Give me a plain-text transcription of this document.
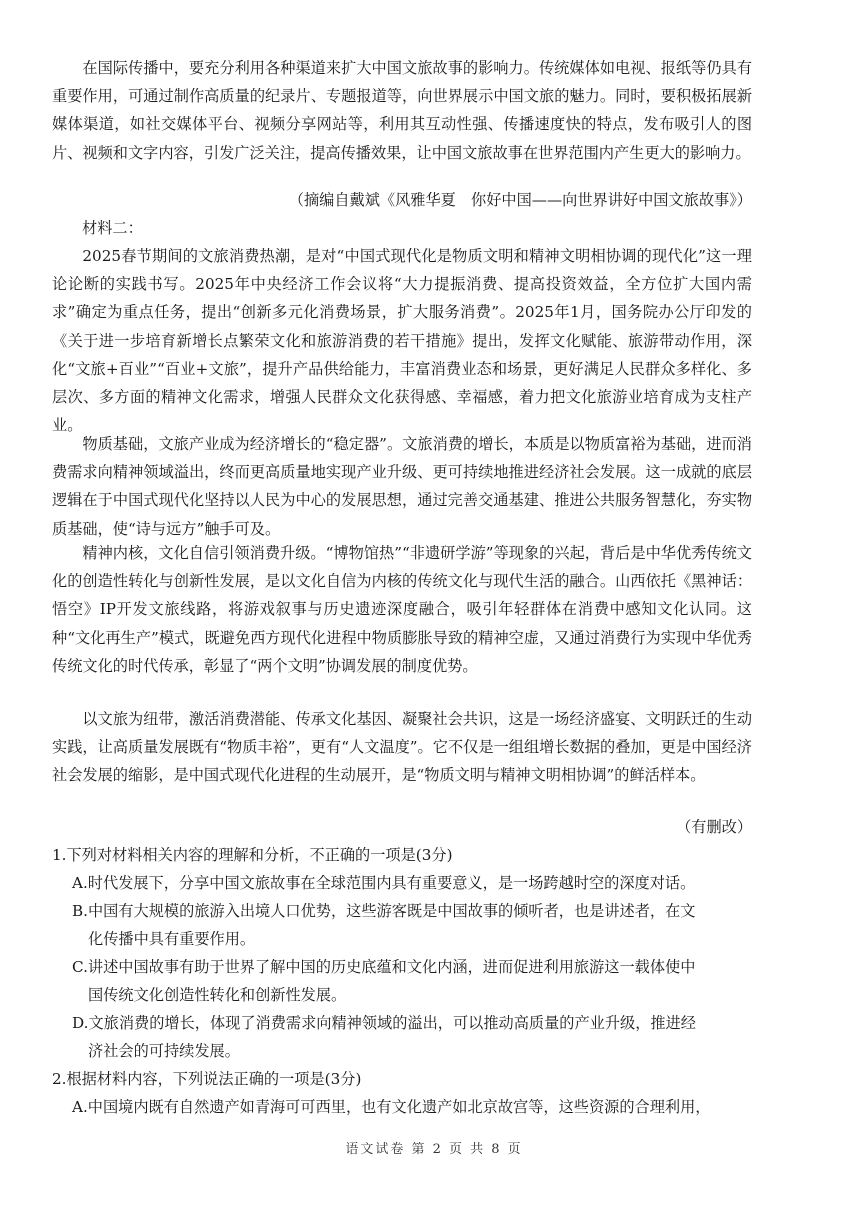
在国际传播中，要充分利用各种渠道来扩大中国文旅故事的影响力。传统媒体如电视、报纸等仍具有重要作用，可通过制作高质量的纪录片、专题报道等，向世界展示中国文旅的魅力。同时，要积极拓展新媒体渠道，如社交媒体平台、视频分享网站等，利用其互动性强、传播速度快的特点，发布吸引人的图片、视频和文字内容，引发广泛关注，提高传播效果，让中国文旅故事在世界范围内产生更大的影响力。

（摘编自戴斌《风雅华夏　你好中国——向世界讲好中国文旅故事》）

材料二：

2025春节期间的文旅消费热潮，是对“中国式现代化是物质文明和精神文明相协调的现代化”这一理论论断的实践书写。2025年中央经济工作会议将“大力提振消费、提高投资效益，全方位扩大国内需求”确定为重点任务，提出“创新多元化消费场景，扩大服务消费”。2025年1月，国务院办公厅印发的《关于进一步培育新增长点繁荣文化和旅游消费的若干措施》提出，发挥文化赋能、旅游带动作用，深化“文旅+百业”“百业+文旅”，提升产品供给能力，丰富消费业态和场景，更好满足人民群众多样化、多层次、多方面的精神文化需求，增强人民群众文化获得感、幸福感，着力把文化旅游业培育成为支柱产业。

物质基础，文旅产业成为经济增长的“稳定器”。文旅消费的增长，本质是以物质富裕为基础，进而消费需求向精神领域溢出，终而更高质量地实现产业升级、更可持续地推进经济社会发展。这一成就的底层逻辑在于中国式现代化坚持以人民为中心的发展思想，通过完善交通基建、推进公共服务智慧化，夯实物质基础，使“诗与远方”触手可及。

精神内核，文化自信引领消费升级。“博物馆热”“非遗研学游”等现象的兴起，背后是中华优秀传统文化的创造性转化与创新性发展，是以文化自信为内核的传统文化与现代生活的融合。山西依托《黑神话：悟空》IP开发文旅线路，将游戏叙事与历史遗迹深度融合，吸引年轻群体在消费中感知文化认同。这种“文化再生产”模式，既避免西方现代化进程中物质膨胀导致的精神空虚，又通过消费行为实现中华优秀传统文化的时代传承，彰显了“两个文明”协调发展的制度优势。

以文旅为纽带，激活消费潜能、传承文化基因、凝聚社会共识，这是一场经济盛宴、文明跃迁的生动实践，让高质量发展既有“物质丰裕”，更有“人文温度”。它不仅是一组组增长数据的叠加，更是中国经济社会发展的缩影，是中国式现代化进程的生动展开，是“物质文明与精神文明相协调”的鲜活样本。

（有删改）

1.下列对材料相关内容的理解和分析，不正确的一项是(3分)

A.时代发展下，分享中国文旅故事在全球范围内具有重要意义，是一场跨越时空的深度对话。

B.中国有大规模的旅游入出境人口优势，这些游客既是中国故事的倾听者，也是讲述者，在文

化传播中具有重要作用。

C.讲述中国故事有助于世界了解中国的历史底蕴和文化内涵，进而促进利用旅游这一载体使中

国传统文化创造性转化和创新性发展。

D.文旅消费的增长，体现了消费需求向精神领域的溢出，可以推动高质量的产业升级，推进经

济社会的可持续发展。

2.根据材料内容，下列说法正确的一项是(3分)

A.中国境内既有自然遗产如青海可可西里，也有文化遗产如北京故宫等，这些资源的合理利用，

语文试卷 第 2 页 共 8 页
